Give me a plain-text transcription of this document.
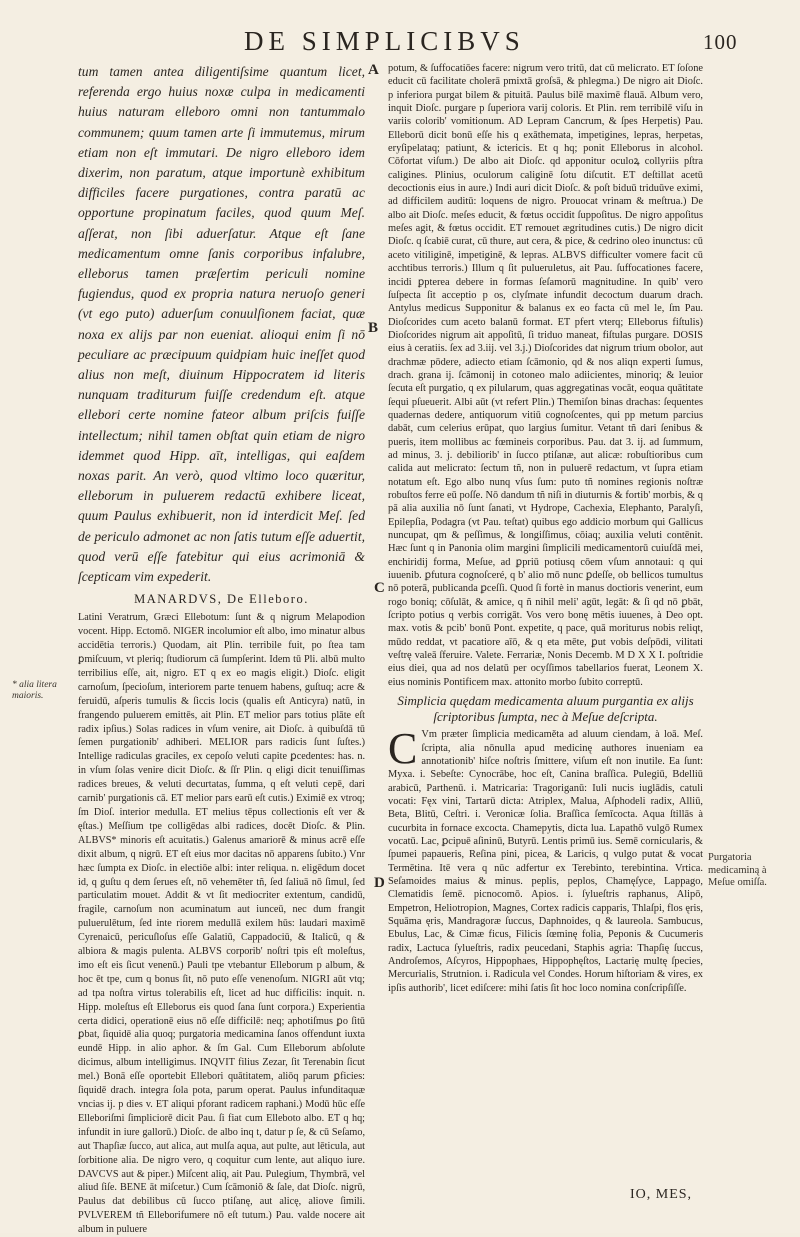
DE SIMPLICIBVS	100
tum tamen antea diligentiſsime quantum licet, referenda ergo huius noxæ culpa in medicamenti huius naturam elleboro omni non tantummalo communem; quum tamen arte ſi immutemus, mirum etiam non eſt immutari. De nigro elleboro idem dixerim, non paratum, atque importunè exhibitum difficiles facere purgationes, contra paratū ac opportune propinatum faciles, quod quum Meſ. aſſerat, non ſibi aduerſatur. Atque eſt ſane medicamentum omne ſanis corporibus infalubre, elleborus tamen præſertim periculi nomine fugiendus, quod ex propria natura neruoſo generi (vt ego puto) aduerſum conuulſionem faciat, quæ noxa ex alijs par non eueniat. alioqui enim ſi nō peculiare ac præcipuum quidpiam huic ineſſet quod alius non meſt, diuinum Hippocratem id literis nunquam traditurum fuiſſe credendum eſt. atque ellebori certe nomine fateor album priſcis fuiſſe intellectum; nihil tamen obſtat quin etiam de nigro idemmet quod Hipp. aīt, intelligas, qui eaſdem noxas parit. An verò, quod vltimo loco quæritur, elleborum in puluerem redactū exhibere liceat, quum Paulus exhibuerit, non id interdicit Meſ. ſed de periculo admonet ac non ſatis tutum eſſe aduertit, quod verū eſſe fatebitur qui eius acrimoniā & ſcepticam vim expederit.
MANARDVS, De Elleboro.

Latini Veratrum, Græci Ellebotum: ſunt & q nigrum Melapodion vocent. Hipp. Ectomō. NIGER incolumior eſt albo, imo minatur albus accidētia terroris.) Quodam, ait Plin. terribile fuit, po ſtea tam ꝑmiſcuum, vt pleriq; ſtudiorum cā ſumpſerint. Idem tū Pli. albū multo terribilius eſſe, ait, nigro. ET q ex eo magis eligit.) Dioſc. eligit carnoſum, ſpecioſum, interiorem parte tenuem habens, guſtuq; acre & feruidū, aſperis tumulis & ſiccis locis (qualis eſt Anticyra) natū, in frangendo puluerem emittēs, ait Plin. ET melior pars totius plāte eſt radix ipſius.) Solas radices in vſum venire, ait Dioſc. à quibuſdā tū ſemen purgationib' adhiberi. MELIOR pars radicis ſunt ſuſtes.) Intellige radiculas graciles, ex cepoſo veluti capite ꝑcedentes: has. n. in vſum ſolas venire dicit Dioſc. & ſſr Plin. q eligi dicit tenuiſſimas radices breues, & veluti decurtatas, ſumma, q eſt veluti cepē, dari carnib' purgationis cā. ET melior pars earū eſt cutis.) Eximiē ex vtroq; ſm Dioſ. interior medulla. ET melius tēpus collectionis eſt ver & ęſtas.) Meſſium tpe colligēdas albi radices, docēt Dioſc. & Plin. ALBVS* minoris eſt acuitatis.) Galenus amariorē & minus acrē eſſe dixit album, q nigrū. ET eſt eius mor dacitas nō apparens ſubito.) Vnr hæc ſumpta ex Dioſc. in electiōe albi: inter reliqua. n. eligēdum docet id, q guſtu q dem ſerues eſt, nō vehemēter tñ, ſed ſaliuā nō ſimul, ſed particulatim mouet. Addit & vt ſit mediocriter extentum, candidū, fragile, carnoſum non acuminatum aut iunceū, nec dum frangit puluerulētum, ſed inte riorem medullā exilem hūs: laudari maximē Cyrenaicū, pericuſloſus eſſe Galatiū, Cappadociū, & Italicū, q & albiora & magis pulenta. ALBVS corporib' noſtri tpis eſt moleſtus, imo eſt eis ſicut venenū.) Pauli tpe vtebantur Elleborum p album, & hoc ēt tpe, cum q bonus ſit, nō puto eſſe venenoſum. NIGRI aūt vtq; ad tpa noſtra virtus tolerabilis eſt, licet ad huc difficilis: inquit. n. Hipp. moleſtus eſt Elleborus eis quod ſana ſunt corpora.) Experientia certa didici, operationē eius nō eſſe difficilē: neq; aphotiſmus ꝑo ſitū ꝑbat, ſiquidē alia quoq; purgatoria medicamina ſanos offendunt iuxta eundē Hipp. in alio aphor. & ſm Gal. Cum Elleborum abſolute dicimus, album intelligimus. INQVIT filius Zezar, ſit Terenabin ſicut mel.) Bonā eſſe oportebit Ellebori quātitatem, aliōq parum ꝑficies: ſiquidē drach. integra ſola pota, parum operat. Paulus infunditaquæ vncias ij. p dies v. ET aliqui pforant radicem raphani.) Modū hūc eſſe Elleboriſmi ſimpliciorē dicit Pau. ſi fiat cum Elleboto albo. ET q hq; infundit in iure gallorū.) Dioſc. de albo inq t, datur p ſe, & cū Seſamo, aut Thapſiæ ſucco, aut alica, aut mulſa aqua, aut pulte, aut lēticula, aut ſorbitione alia. De nigro vero, q coquitur cum lente, aut aliquo iure. DAVCVS aut & piper.) Miſcent aliq, ait Pau. Pulegium, Thymbrā, vel aliud ſiſe. BENE āt miſcetur.) Cum ſcāmoniō & ſale, dat Dioſc. nigrū, Paulus dat debilibus cū ſucco ptiſanę, aut alicę, aliove ſimili. PVLVEREM tñ Elleborifumere nō eſt tutum.) Pau. valde nocere ait album in puluere

potum, & ſuffocatiōes facere: nigrum vero tritū, dat cū melicrato. ET ſoſone educit cū facilitate cholerā pmixtā groſsā, & phlegma.) De nigro ait Dioſc. p inferiora purgat bilem & pituitā. Paulus bilē maximē flauā. Album vero, inquit Dioſc. purgare p ſuperiora varij coloris. Et Plin. rem terribilē viſu in variis colorib' vomitionum. AD Lepram Cancrum, & ſpes Herpetis) Pau. Elleborū dicit bonū eſſe his q exāthemata, impetigines, lepras, herpetas, eryſipelataq; patiunt, & ictericis. Et q hq; ponit Elleborus in alcohol. Cōfortat viſum.) De albo ait Dioſc. qd apponitur oculoꝝ collyriis pſtra caligines. Plinius, oculorum caliginē ſotu diſcutit. ET deſtillat acetū decoctionis eius in aure.) Indi auri dicit Dioſc. & poſt biduū triduūve eximi, ad difficilem auditū: loquens de nigro. Prouocat vrinam & meſtrua.) De albo ait Dioſc. meſes educit, & fœtus occidit ſuppoſitus. De nigro appoſitus meſes agit, & fœtus occidit. ET remouet ægritudines cutis.) De nigro dicit Dioſc. q ſcabiē curat, cū thure, aut cera, & pice, & cedrino oleo inunctus: cū aceto vitiliginē, impetiginē, & lepras. ALBVS difficulter vomere facit cū acchtibus terroris.) Illum q ſit pulueruletus, ait Pau. ſuffocationes facere, incidi ꝑpterea debere in formas ſeſamorū magnitudine. In quib' vero ſuſpecta ſit acceptio p os, clyſmate infundit decoctum duarum drach. Antylus medicus Supponitur & balanus ex eo facta cū mel le, ſm Pau. Dioſcorides cum aceto balanū format. ET pfert vterq; Elleborus fiſtulis) Dioſcorides nigrum ait appoſitū, ſi triduo maneat, fiſtulas purgare. DOSIS eius à ceratiis. ſex ad 3.iij. vel 3.j.) Dioſcorides dat nigrum trium obolor, aut drachmæ pōdere, adiecto etiam ſcāmonio, qd & nos aliqn experti ſumus, drach. grana ij. ſcāmonij in cotoneo malo adiicientes, minoriq; & leuior ſecuta eſt purgatio, q ex pilularum, quas aggregatinas vocāt, eoqua quātitate ſequi pſueuerit. Albi aūt (vt refert Plin.) Themiſon binas drachas: ſequentes quadernas dedere, antiquorum vitiū cognoſcentes, qui pp metum parcius dabāt, cum celerius erūpat, quo largius ſumitur. Vetant tñ dari ſenibus & pueris, item mollibus ac fœmineis corporibus. Pau. dat 3. ij. ad ſummum, ad minus, 3. j. debiliorib' in ſucco ptiſanæ, aut alicæ: robuſtioribus cum calida aut melicrato: ſectum tñ, non in puluerē redactum, vt ſupra etiam notatum eſt. Ego albo nunq vſus ſum: puto tñ nomines regionis noſtræ robuſtos ferre eū poſſe. Nō dandum tñ niſi in diuturnis & fortib' morbis, & q pā alia auxilia nō ſunt ſanati, vt Hydrope, Cachexia, Elephanto, Paralyſi, Epilepſia, Podagra (vt Pau. teſtat) quibus ego addicio morbum qui Gallicus nuncupat, qm & peſſimus, & longiſſimus, cōiaq; auxilia veluti contēnit. Hæc ſunt q in Panonia olim margini ſimplicili medicamentorū cuiuſdā mei, enchiridij forma, Meſue, ad ꝑpriū potiusq cōem vſum annotaui: q qui iuuenib. ꝑfutura cognoſceré, q b' alio mō nunc ꝑdeſſe, ob bellicos tumultus nō poterā, publicanda ꝑceſſi. Quod ſi fortè in manus doctioris venerint, eum rogo boniq; cōſulāt, & amice, q ñ nihil meli' agūt, legāt: & ſi qd nō ꝑbāt, ſcripto potius q verbis corrigāt. Vos vero bonę mētis iuuenes, à Deo opt. max. votis & pcib' bonū Pont. expetite, q pace, quā moriturus nobis reliqt, mūdo reddat, vt pacatiore aīō, & q eta mēte, ꝑut vobis deſpōdi, vilitati veſtrę valeā ſferuire. Valete. Ferrariæ, Nonis Decemb. M D X X I. poſtridie eius diei, qua ad nos delatū per ocyſſimos tabellarios fuerat, Leonem X. eius nominis Pontificem max. attonito morbo ſubito correptū.

Simplicia quędam medicamenta aluum purgantia ex alijs ſcriptoribus ſumpta, nec à Meſue deſcripta.
C Vm præter ſimplicia medicaměta ad aluum ciendam, à loā. Meſ. ſcripta, alia nōnulla apud medicinę authores inueniam ea annotationib' hiſce noſtris ſmittere, viſum eſt non inutile. Ea ſunt: Myxa. i. Sebeſte: Cynocrābe, hoc eſt, Canina braſſica. Pulegiū, Bdelliū arabicū, Parthenū. i. Matricaria: Tragoriganū: Iuli nucis iuglādis, catuli vocati: Fęx vini, Tartarū dicta: Atriplex, Malua, Aſphodeli radix, Alliū, Beta, Blitū, Ceſtri. i. Veronicæ ſolia. Braſſica ſemīcocta. Aqua ſtillās à cucurbita in fornace excocta. Chamepytis, dicta lua. Lapathō vulgō Rumex vocatū. Lac, ꝑcipuē aſininū, Butyrū. Lentis primū ius. Semē cornicularis, & ſpumei papaueris, Reſina pini, picea, & Laricis, q vulgo putat & vocat Termētina. Itē vera q nūc adfertur ex Terebinto, terebintina. Vrtica. Seſamoides maius & minus. peplis, peplos, Chamęſyce, Lappago, Clematidis ſemē. picnocomō. Apios. i. ſylueſtris raphanus, Alipō, Empetron, Heliotropion, Magnes, Cortex radicis capparis, Thlaſpi, flos ęris, Squāma ęris, Mandragoræ ſuccus, Daphnoides, q & laureola. Sambucus, Ebulus, Lac, & Cimæ ficus, Filicis ſœminę folia, Peponis & Cucumeris radix, Lactuca ſylueſtris, radix peucedani, Staphis agria: Thapſię ſuccus, Androſemos, Aſcyros, Hippophaes, Hippophęſtos, Lactarię multę ſpecies, Mercurialis, Strutnion. i. Radicula vel Condes. Horum hiſtoriam & vires, ex ipſis authorib', licet ediſcere: mihi ſatis ſit hoc loco nomina conſcripſiſſe.

A
B
C
D
* alia litera maioris.
Purgatoria medicaminą à Meſue omiſſa.
IO, MES,
